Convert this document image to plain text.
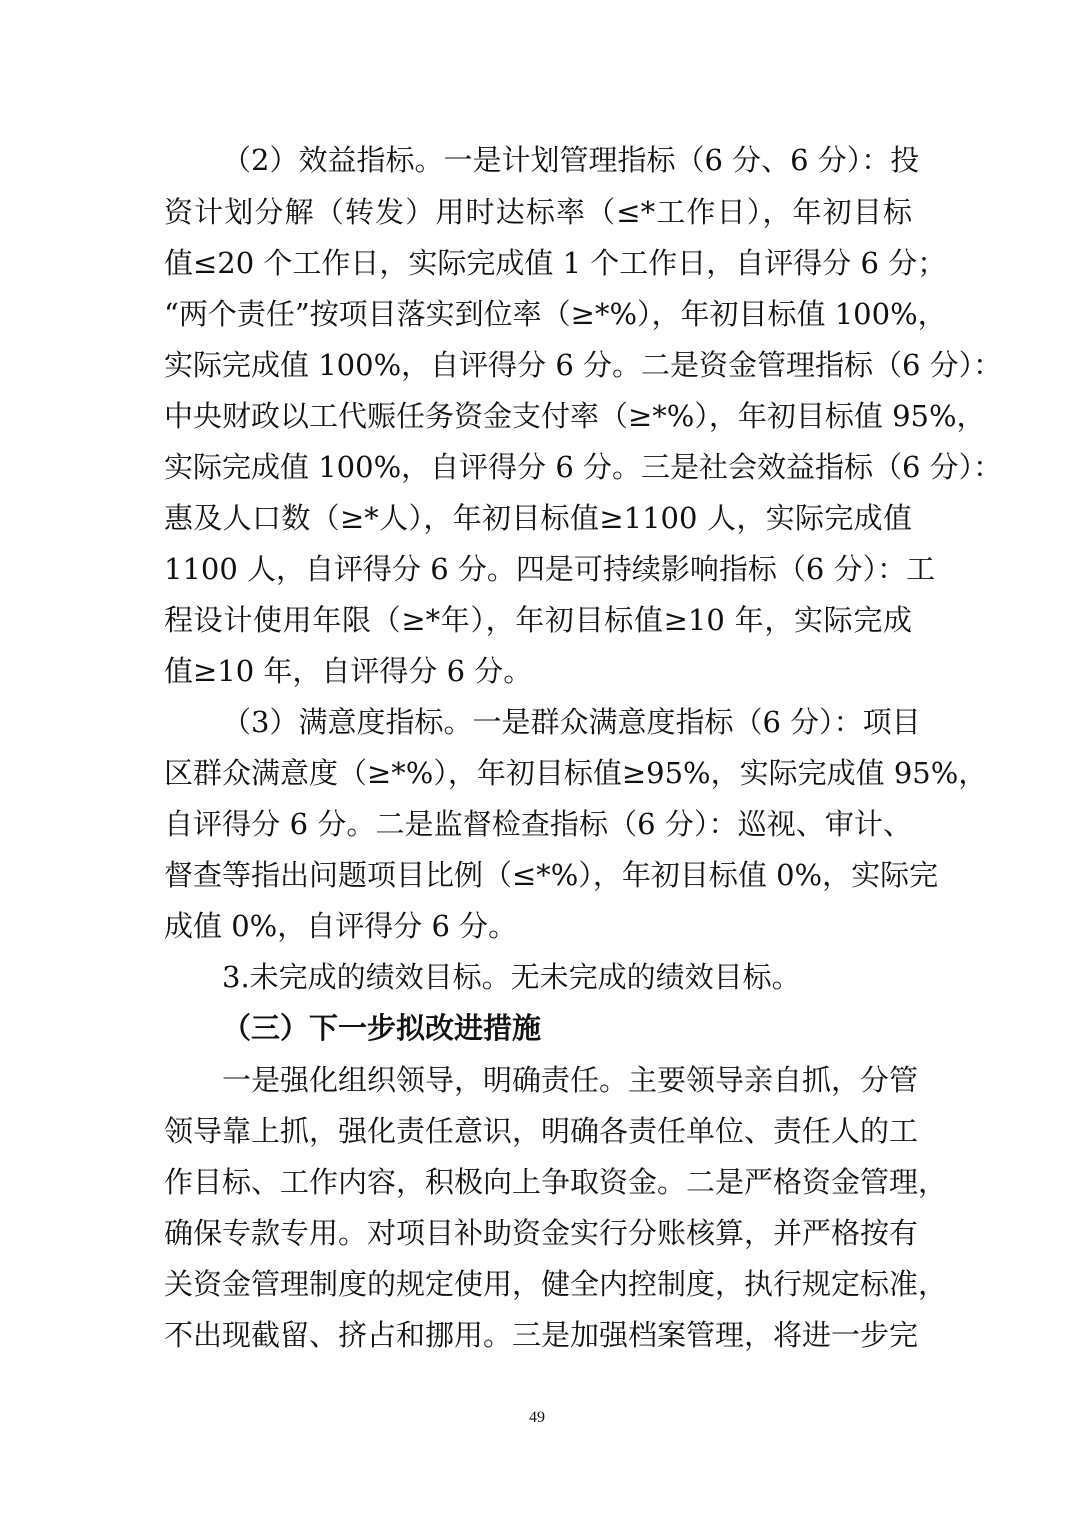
（2）效益指标。一是计划管理指标（6 分、6 分）：投
资计划分解（转发）用时达标率（≤*工作日），年初目标
值≤20 个工作日，实际完成值 1 个工作日，自评得分 6 分；
“两个责任”按项目落实到位率（≥*%），年初目标值 100%，
实际完成值 100%，自评得分 6 分。二是资金管理指标（6 分）：
中央财政以工代赈任务资金支付率（≥*%），年初目标值 95%，
实际完成值 100%，自评得分 6 分。三是社会效益指标（6 分）：
惠及人口数（≥*人），年初目标值≥1100 人，实际完成值
1100 人，自评得分 6 分。四是可持续影响指标（6 分）：工
程设计使用年限（≥*年），年初目标值≥10 年，实际完成
值≥10 年，自评得分 6 分。
（3）满意度指标。一是群众满意度指标（6 分）：项目
区群众满意度（≥*%），年初目标值≥95%，实际完成值 95%，
自评得分 6 分。二是监督检查指标（6 分）：巡视、审计、
督查等指出问题项目比例（≤*%），年初目标值 0%，实际完
成值 0%，自评得分 6 分。
3.未完成的绩效目标。无未完成的绩效目标。
（三）下一步拟改进措施
一是强化组织领导，明确责任。主要领导亲自抓，分管
领导靠上抓，强化责任意识，明确各责任单位、责任人的工
作目标、工作内容，积极向上争取资金。二是严格资金管理，
确保专款专用。对项目补助资金实行分账核算，并严格按有
关资金管理制度的规定使用，健全内控制度，执行规定标准，
不出现截留、挤占和挪用。三是加强档案管理，将进一步完
49
